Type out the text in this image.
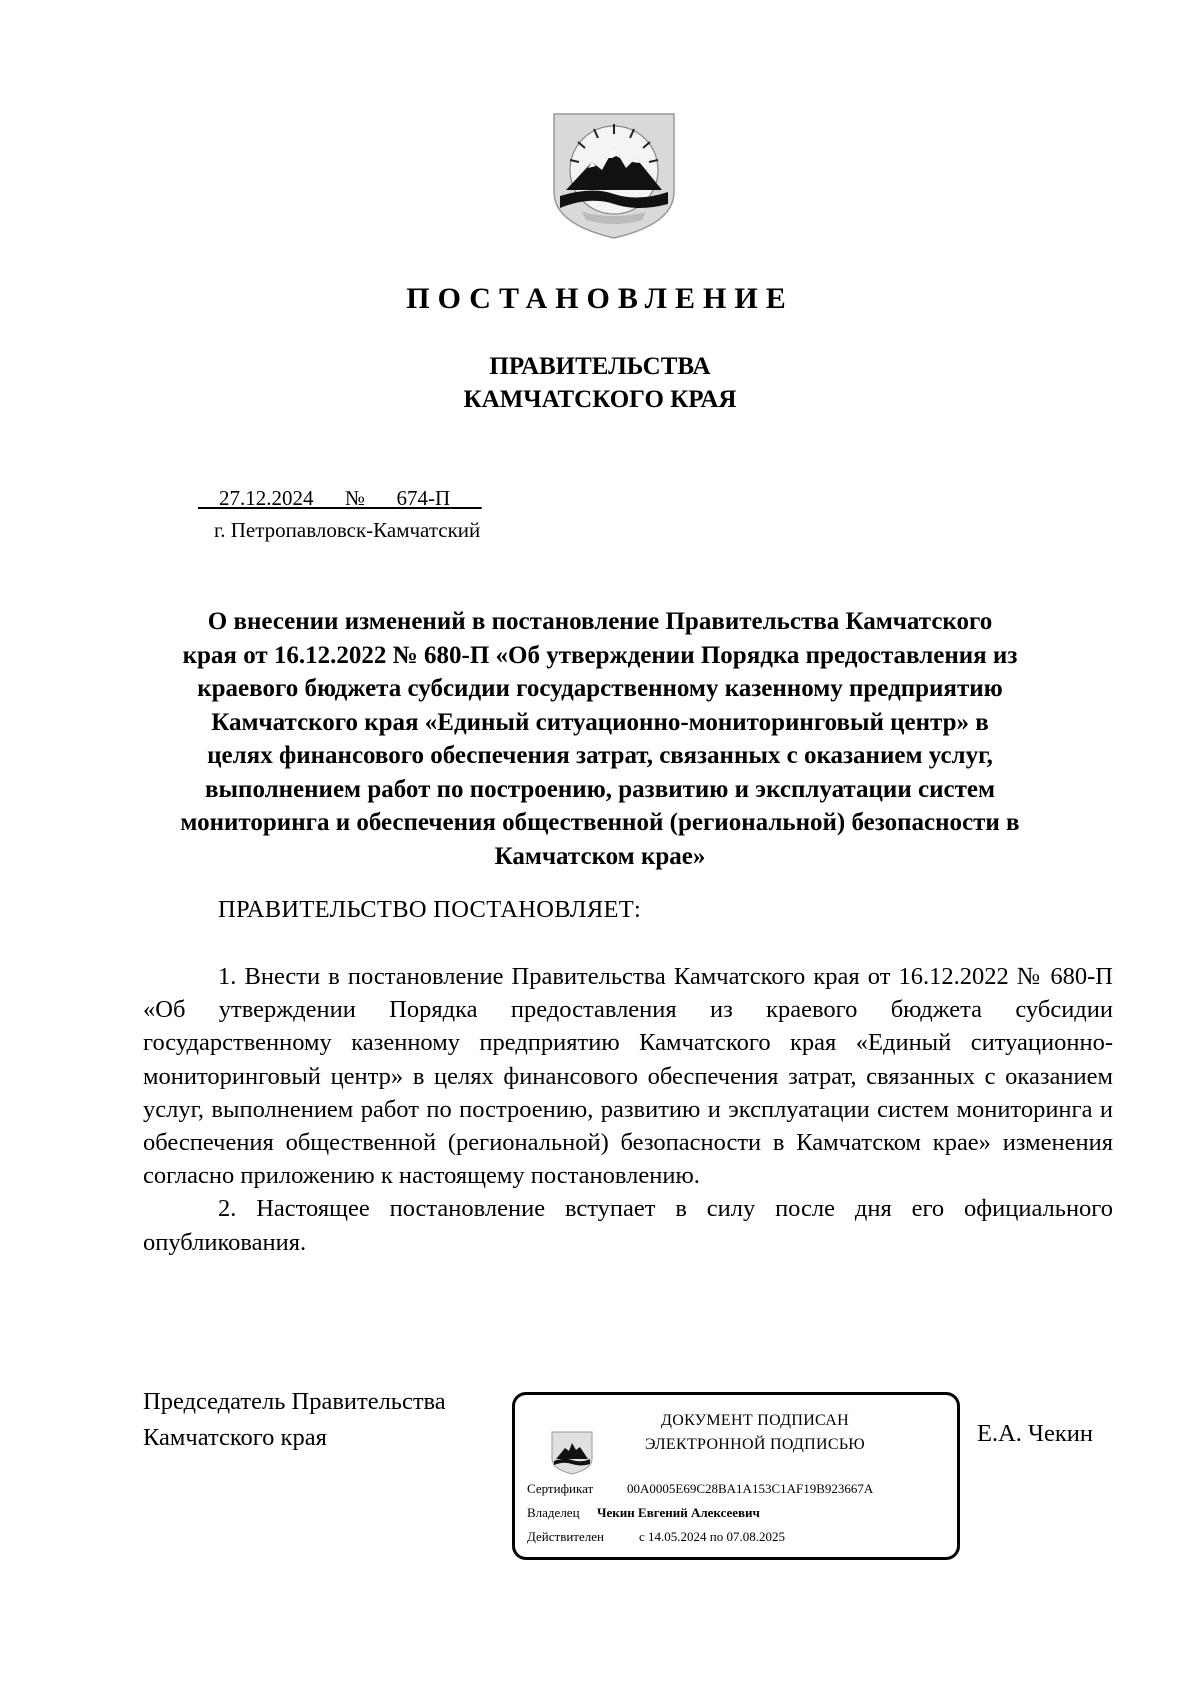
ПОСТАНОВЛЕНИЕ
ПРАВИТЕЛЬСТВА
КАМЧАТСКОГО КРАЯ
27.12.2024 № 674-П
г. Петропавловск-Камчатский
О внесении изменений в постановление Правительства Камчатского
края от 16.12.2022 № 680-П «Об утверждении Порядка предоставления из
краевого бюджета субсидии государственному казенному предприятию
Камчатского края «Единый ситуационно-мониторинговый центр» в
целях финансового обеспечения затрат, связанных с оказанием услуг,
выполнением работ по построению, развитию и эксплуатации систем
мониторинга и обеспечения общественной (региональной) безопасности в
Камчатском крае»
ПРАВИТЕЛЬСТВО ПОСТАНОВЛЯЕТ:

1. Внести в постановление Правительства Камчатского края от 16.12.2022 № 680-П «Об утверждении Порядка предоставления из краевого бюджета субсидии государственному казенному предприятию Камчатского края «Единый ситуационно-мониторинговый центр» в целях финансового обеспечения затрат, связанных с оказанием услуг, выполнением работ по построению, развитию и эксплуатации систем мониторинга и обеспечения общественной (региональной) безопасности в Камчатском крае» изменения согласно приложению к настоящему постановлению.

2. Настоящее постановление вступает в силу после дня его официального опубликования.

Председатель Правительства
Камчатского края
ДОКУМЕНТ ПОДПИСАН
ЭЛЕКТРОННОЙ ПОДПИСЬЮ
Сертификат	00A0005E69C28BA1A153C1AF19B923667A
Владелец Чекин Евгений Алексеевич
Действителен	с 14.05.2024 по 07.08.2025
Е.А. Чекин
